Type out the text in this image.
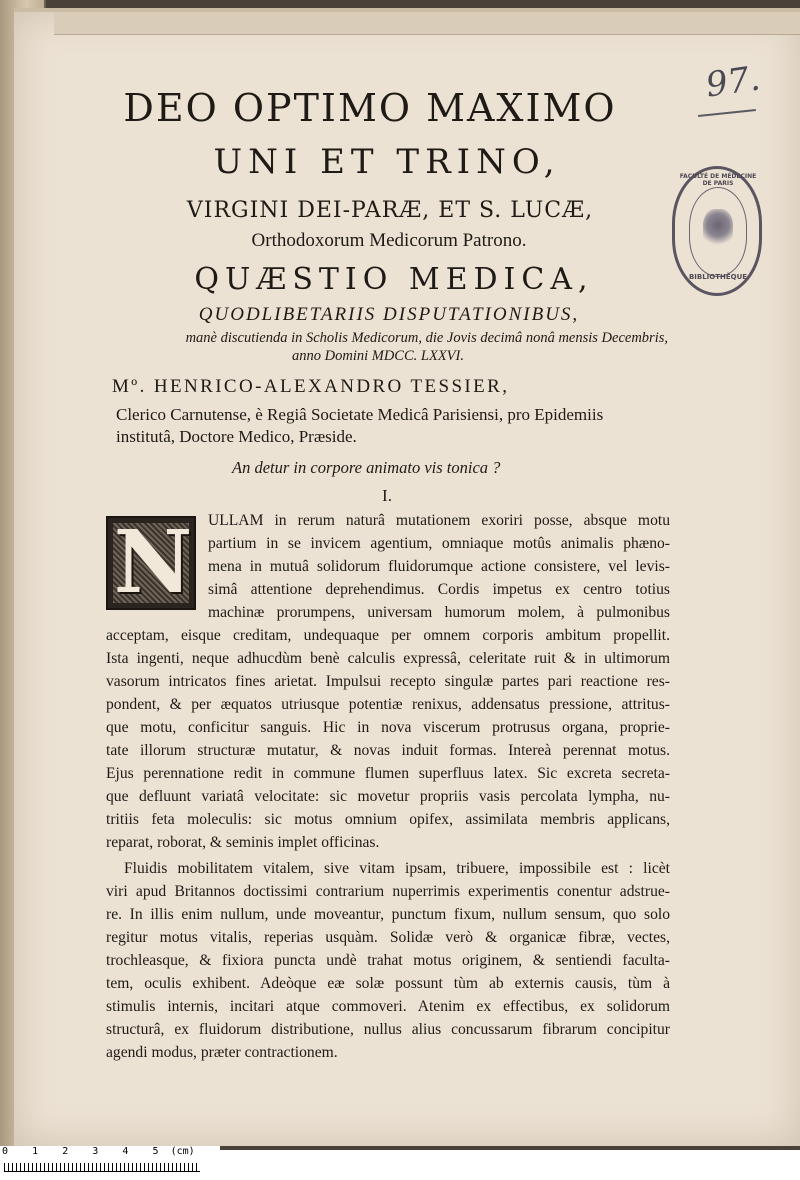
97.
FACULTÉ DE MÉDECINE DE PARIS
BIBLIOTHÈQUE
DEO OPTIMO MAXIMO
UNI ET TRINO,
VIRGINI DEI-PARÆ, ET S. LUCÆ,
Orthodoxorum Medicorum Patrono.
QUÆSTIO MEDICA,
QUODLIBETARIIS DISPUTATIONIBUS,
manè discutienda in Scholis Medicorum, die Jovis decimâ nonâ mensis Decembris,
anno Domini MDCC. LXXVI.
Mº. HENRICO-ALEXANDRO TESSIER,
Clerico Carnutense, è Regiâ Societate Medicâ Parisiensi, pro Epidemiis
institutâ, Doctore Medico, Præside.
An detur in corpore animato vis tonica ?
I.
N ULLAM in rerum naturâ mutationem exoriri posse, absque motu
partium in se invicem agentium, omniaque motûs animalis phæno-
mena in mutuâ solidorum fluidorumque actione consistere, vel levis-
simâ attentione deprehendimus. Cordis impetus ex centro totius
machinæ prorumpens, universam humorum molem, à pulmonibus
acceptam, eisque creditam, undequaque per omnem corporis ambitum propellit.
Ista ingenti, neque adhucdùm benè calculis expressâ, celeritate ruit & in ultimorum
vasorum intricatos fines arietat. Impulsui recepto singulæ partes pari reactione res-
pondent, & per æquatos utriusque potentiæ renixus, addensatus pressione, attritus-
que motu, conficitur sanguis. Hic in nova viscerum protrusus organa, proprie-
tate illorum structuræ mutatur, & novas induit formas. Intereà perennat motus.
Ejus perennatione redit in commune flumen superfluus latex. Sic excreta secreta-
que defluunt variatâ velocitate: sic movetur propriis vasis percolata lympha, nu-
tritiis feta moleculis: sic motus omnium opifex, assimilata membris applicans,
reparat, roborat, & seminis implet officinas.
Fluidis mobilitatem vitalem, sive vitam ipsam, tribuere, impossibile est : licèt
viri apud Britannos doctissimi contrarium nuperrimis experimentis conentur adstrue-
re. In illis enim nullum, unde moveantur, punctum fixum, nullum sensum, quo solo
regitur motus vitalis, reperias usquàm. Solidæ verò & organicæ fibræ, vectes,
trochleasque, & fixiora puncta undè trahat motus originem, & sentiendi faculta-
tem, oculis exhibent. Adeòque eæ solæ possunt tùm ab externis causis, tùm à
stimulis internis, incitari atque commoveri. Atenim ex effectibus, ex solidorum
structurâ, ex fluidorum distributione, nullus alius concussarum fibrarum concipitur
agendi modus, præter contractionem.
0    1    2    3    4    5  (cm)
